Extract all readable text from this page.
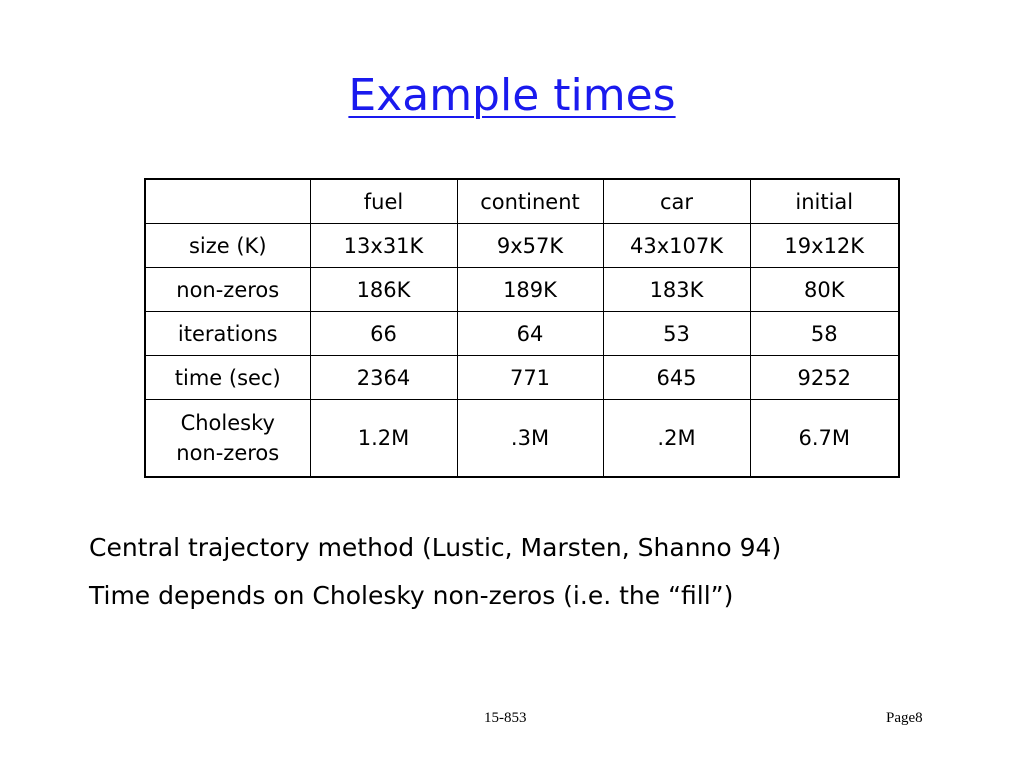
Example times
	fuel	continent	car	initial
size (K)	13x31K	9x57K	43x107K	19x12K
non-zeros	186K	189K	183K	80K
iterations	66	64	53	58
time (sec)	2364	771	645	9252
Cholesky
non-zeros	1.2M	.3M	.2M	6.7M
Central trajectory method (Lustic, Marsten, Shanno 94)
Time depends on Cholesky non-zeros (i.e. the “fill”)
15-853	Page8
